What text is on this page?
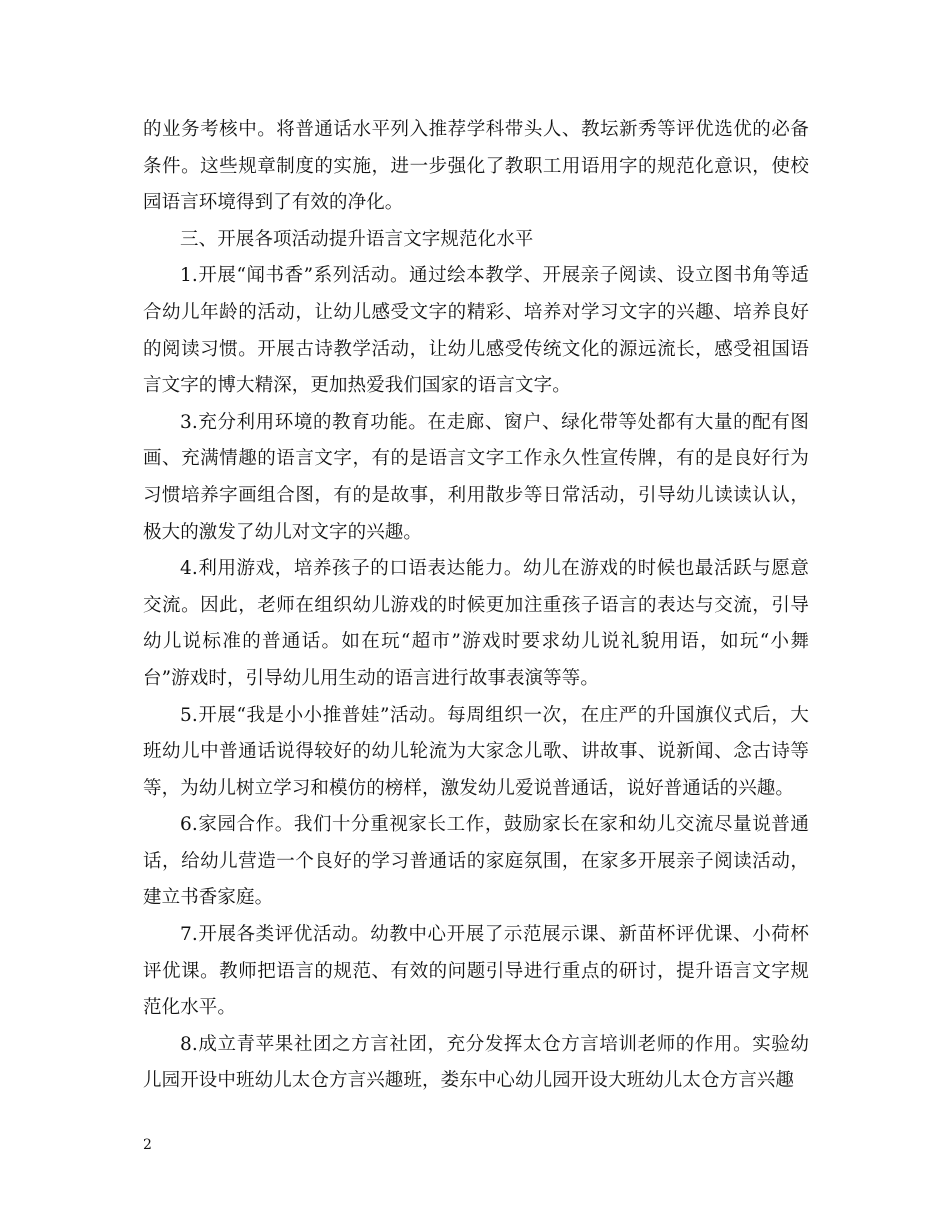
的业务考核中。将普通话水平列入推荐学科带头人、教坛新秀等评优选优的必备条件。这些规章制度的实施，进一步强化了教职工用语用字的规范化意识，使校园语言环境得到了有效的净化。

三、开展各项活动提升语言文字规范化水平

1.开展“闻书香”系列活动。通过绘本教学、开展亲子阅读、设立图书角等适合幼儿年龄的活动，让幼儿感受文字的精彩、培养对学习文字的兴趣、培养良好的阅读习惯。开展古诗教学活动，让幼儿感受传统文化的源远流长，感受祖国语言文字的博大精深，更加热爱我们国家的语言文字。

3.充分利用环境的教育功能。在走廊、窗户、绿化带等处都有大量的配有图画、充满情趣的语言文字，有的是语言文字工作永久性宣传牌，有的是良好行为习惯培养字画组合图，有的是故事，利用散步等日常活动，引导幼儿读读认认，极大的激发了幼儿对文字的兴趣。

4.利用游戏，培养孩子的口语表达能力。幼儿在游戏的时候也最活跃与愿意交流。因此，老师在组织幼儿游戏的时候更加注重孩子语言的表达与交流，引导幼儿说标准的普通话。如在玩“超市”游戏时要求幼儿说礼貌用语，如玩“小舞台”游戏时，引导幼儿用生动的语言进行故事表演等等。

5.开展“我是小小推普娃”活动。每周组织一次，在庄严的升国旗仪式后，大班幼儿中普通话说得较好的幼儿轮流为大家念儿歌、讲故事、说新闻、念古诗等等，为幼儿树立学习和模仿的榜样，激发幼儿爱说普通话，说好普通话的兴趣。

6.家园合作。我们十分重视家长工作，鼓励家长在家和幼儿交流尽量说普通话，给幼儿营造一个良好的学习普通话的家庭氛围，在家多开展亲子阅读活动，建立书香家庭。

7.开展各类评优活动。幼教中心开展了示范展示课、新苗杯评优课、小荷杯评优课。教师把语言的规范、有效的问题引导进行重点的研讨，提升语言文字规范化水平。

8.成立青苹果社团之方言社团，充分发挥太仓方言培训老师的作用。实验幼儿园开设中班幼儿太仓方言兴趣班，娄东中心幼儿园开设大班幼儿太仓方言兴趣

2
